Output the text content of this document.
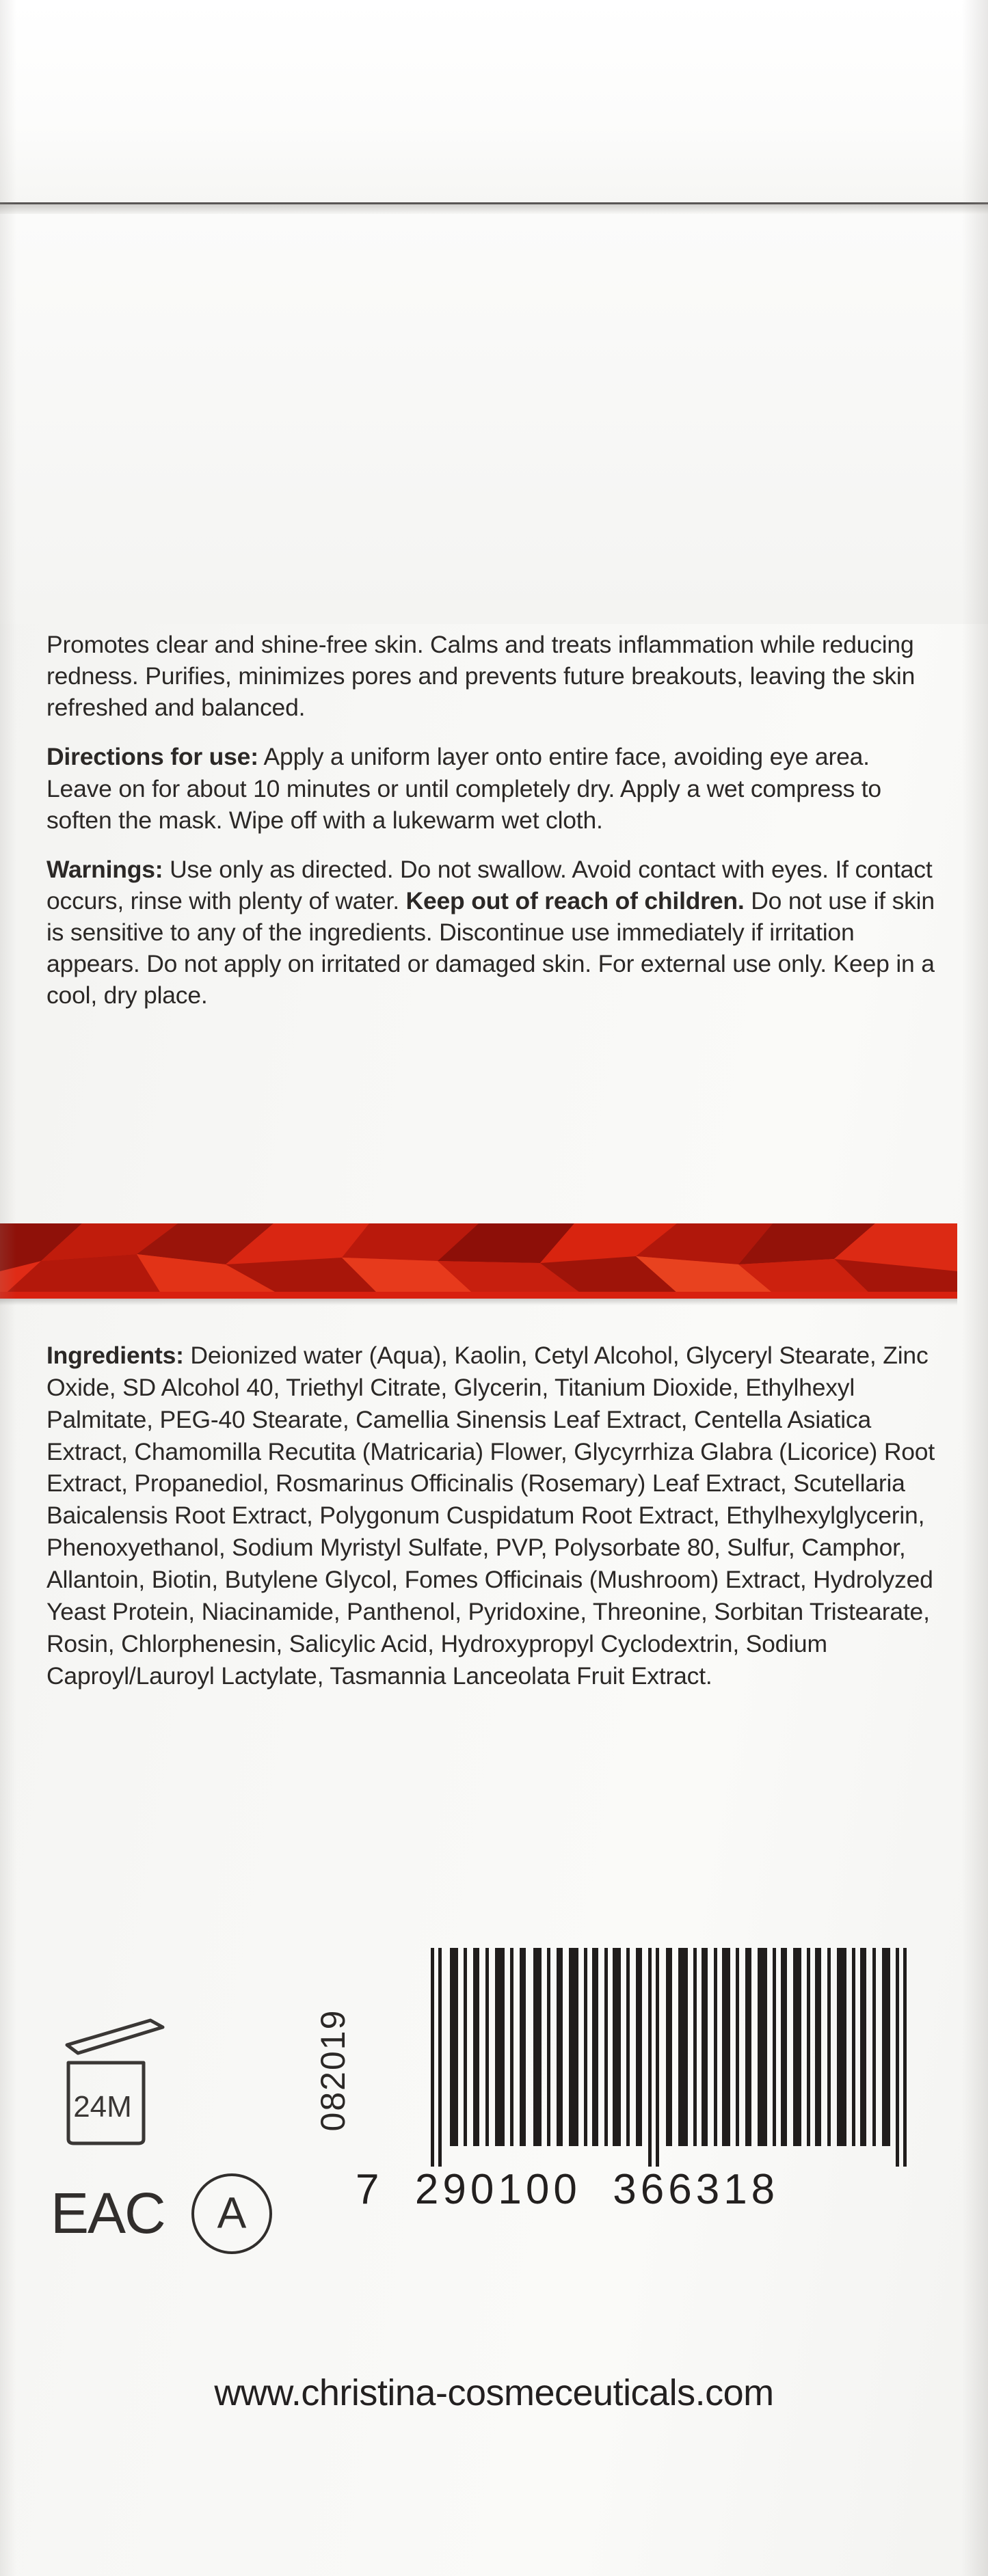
Promotes clear and shine-free skin. Calms and treats inflammation while reducing redness. Purifies, minimizes pores and prevents future breakouts, leaving the skin refreshed and balanced.

Directions for use: Apply a uniform layer onto entire face, avoiding eye area. Leave on for about 10 minutes or until completely dry. Apply a wet compress to soften the mask. Wipe off with a lukewarm wet cloth.

Warnings: Use only as directed. Do not swallow. Avoid contact with eyes. If contact occurs, rinse with plenty of water. Keep out of reach of children. Do not use if skin is sensitive to any of the ingredients. Discontinue use immediately if irritation appears. Do not apply on irritated or damaged skin. For external use only. Keep in a cool, dry place.

Ingredients: Deionized water (Aqua), Kaolin, Cetyl Alcohol, Glyceryl Stearate, Zinc Oxide, SD Alcohol 40, Triethyl Citrate, Glycerin, Titanium Dioxide, Ethylhexyl Palmitate, PEG-40 Stearate, Camellia Sinensis Leaf Extract, Centella Asiatica Extract, Chamomilla Recutita (Matricaria) Flower, Glycyrrhiza Glabra (Licorice) Root Extract, Propanediol, Rosmarinus Officinalis (Rosemary) Leaf Extract, Scutellaria Baicalensis Root Extract, Polygonum Cuspidatum Root Extract, Ethylhexylglycerin, Phenoxyethanol, Sodium Myristyl Sulfate, PVP, Polysorbate 80, Sulfur, Camphor, Allantoin, Biotin, Butylene Glycol, Fomes Officinais (Mushroom) Extract, Hydrolyzed Yeast Protein, Niacinamide, Panthenol, Pyridoxine, Threonine, Sorbitan Tristearate, Rosin, Chlorphenesin, Salicylic Acid, Hydroxypropyl Cyclodextrin, Sodium Caproyl/Lauroyl Lactylate, Tasmannia Lanceolata Fruit Extract.

24M
EAC	A
082019
7  290100  366318
www.christina-cosmeceuticals.com
